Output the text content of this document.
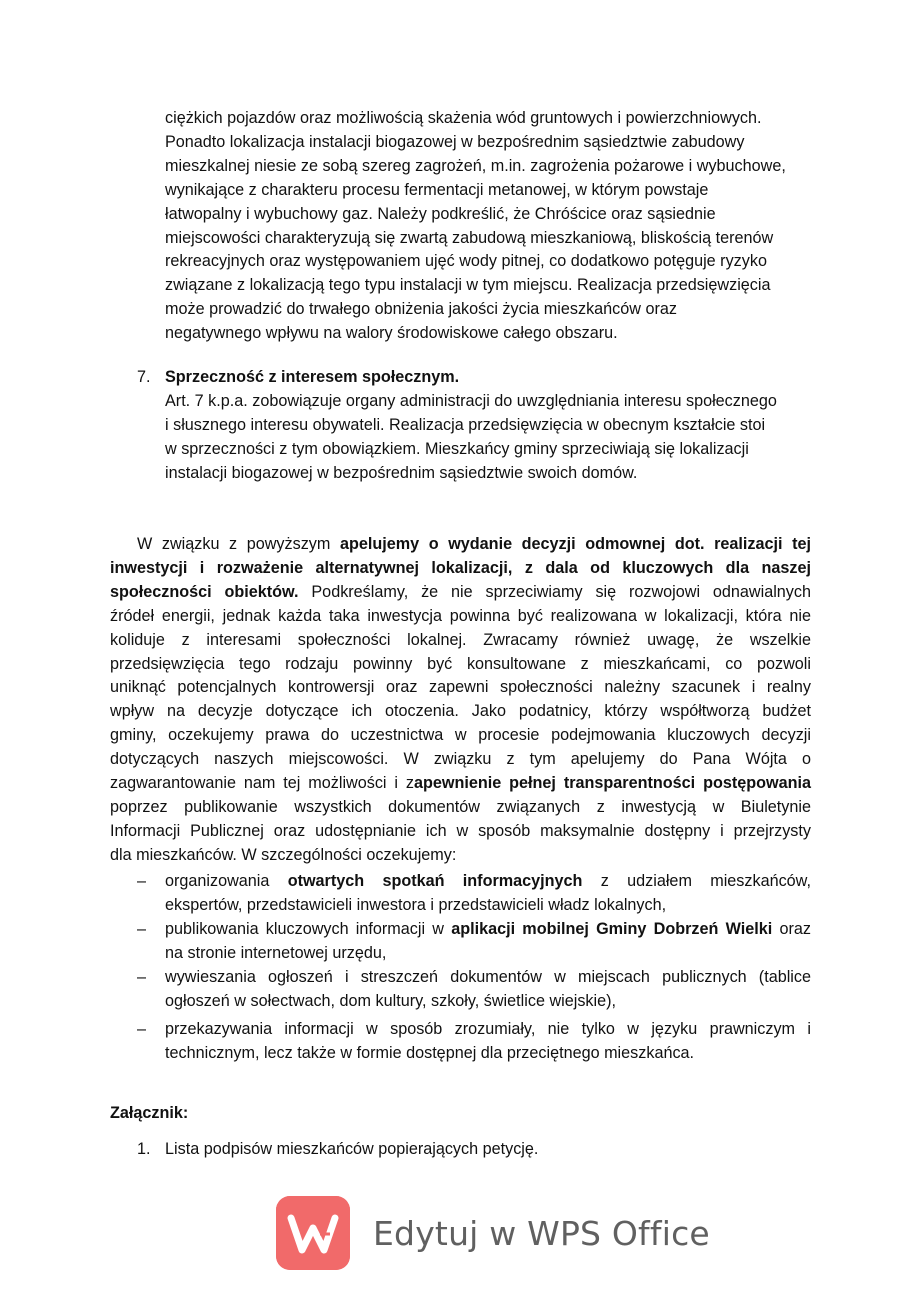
ciężkich pojazdów oraz możliwością skażenia wód gruntowych i powierzchniowych.
Ponadto lokalizacja instalacji biogazowej w bezpośrednim sąsiedztwie zabudowy
mieszkalnej niesie ze sobą szereg zagrożeń, m.in. zagrożenia pożarowe i wybuchowe,
wynikające z charakteru procesu fermentacji metanowej, w którym powstaje
łatwopalny i wybuchowy gaz. Należy podkreślić, że Chróścice oraz sąsiednie
miejscowości charakteryzują się zwartą zabudową mieszkaniową, bliskością terenów
rekreacyjnych oraz występowaniem ujęć wody pitnej, co dodatkowo potęguje ryzyko
związane z lokalizacją tego typu instalacji w tym miejscu. Realizacja przedsięwzięcia
może prowadzić do trwałego obniżenia jakości życia mieszkańców oraz
negatywnego wpływu na walory środowiskowe całego obszaru.
7. Sprzeczność z interesem społecznym.
Art. 7 k.p.a. zobowiązuje organy administracji do uwzględniania interesu społecznego
i słusznego interesu obywateli. Realizacja przedsięwzięcia w obecnym kształcie stoi
w sprzeczności z tym obowiązkiem. Mieszkańcy gminy sprzeciwiają się lokalizacji
instalacji biogazowej w bezpośrednim sąsiedztwie swoich domów.
W związku z powyższym apelujemy o wydanie decyzji odmownej dot. realizacji tej
inwestycji i rozważenie alternatywnej lokalizacji, z dala od kluczowych dla naszej
społeczności obiektów. Podkreślamy, że nie sprzeciwiamy się rozwojowi odnawialnych
źródeł energii, jednak każda taka inwestycja powinna być realizowana w lokalizacji, która nie
koliduje z interesami społeczności lokalnej. Zwracamy również uwagę, że wszelkie
przedsięwzięcia tego rodzaju powinny być konsultowane z mieszkańcami, co pozwoli
uniknąć potencjalnych kontrowersji oraz zapewni społeczności należny szacunek i realny
wpływ na decyzje dotyczące ich otoczenia. Jako podatnicy, którzy współtworzą budżet
gminy, oczekujemy prawa do uczestnictwa w procesie podejmowania kluczowych decyzji
dotyczących naszych miejscowości. W związku z tym apelujemy do Pana Wójta o
zagwarantowanie nam tej możliwości i zapewnienie pełnej transparentności postępowania
poprzez publikowanie wszystkich dokumentów związanych z inwestycją w Biuletynie
Informacji Publicznej oraz udostępnianie ich w sposób maksymalnie dostępny i przejrzysty
dla mieszkańców. W szczególności oczekujemy:
– organizowania otwartych spotkań informacyjnych z udziałem mieszkańców,
ekspertów, przedstawicieli inwestora i przedstawicieli władz lokalnych,
– publikowania kluczowych informacji w aplikacji mobilnej Gminy Dobrzeń Wielki oraz
na stronie internetowej urzędu,
– wywieszania ogłoszeń i streszczeń dokumentów w miejscach publicznych (tablice
ogłoszeń w sołectwach, dom kultury, szkoły, świetlice wiejskie),
– przekazywania informacji w sposób zrozumiały, nie tylko w języku prawniczym i
technicznym, lecz także w formie dostępnej dla przeciętnego mieszkańca.
Załącznik:
1. Lista podpisów mieszkańców popierających petycję.
Edytuj w WPS Office
